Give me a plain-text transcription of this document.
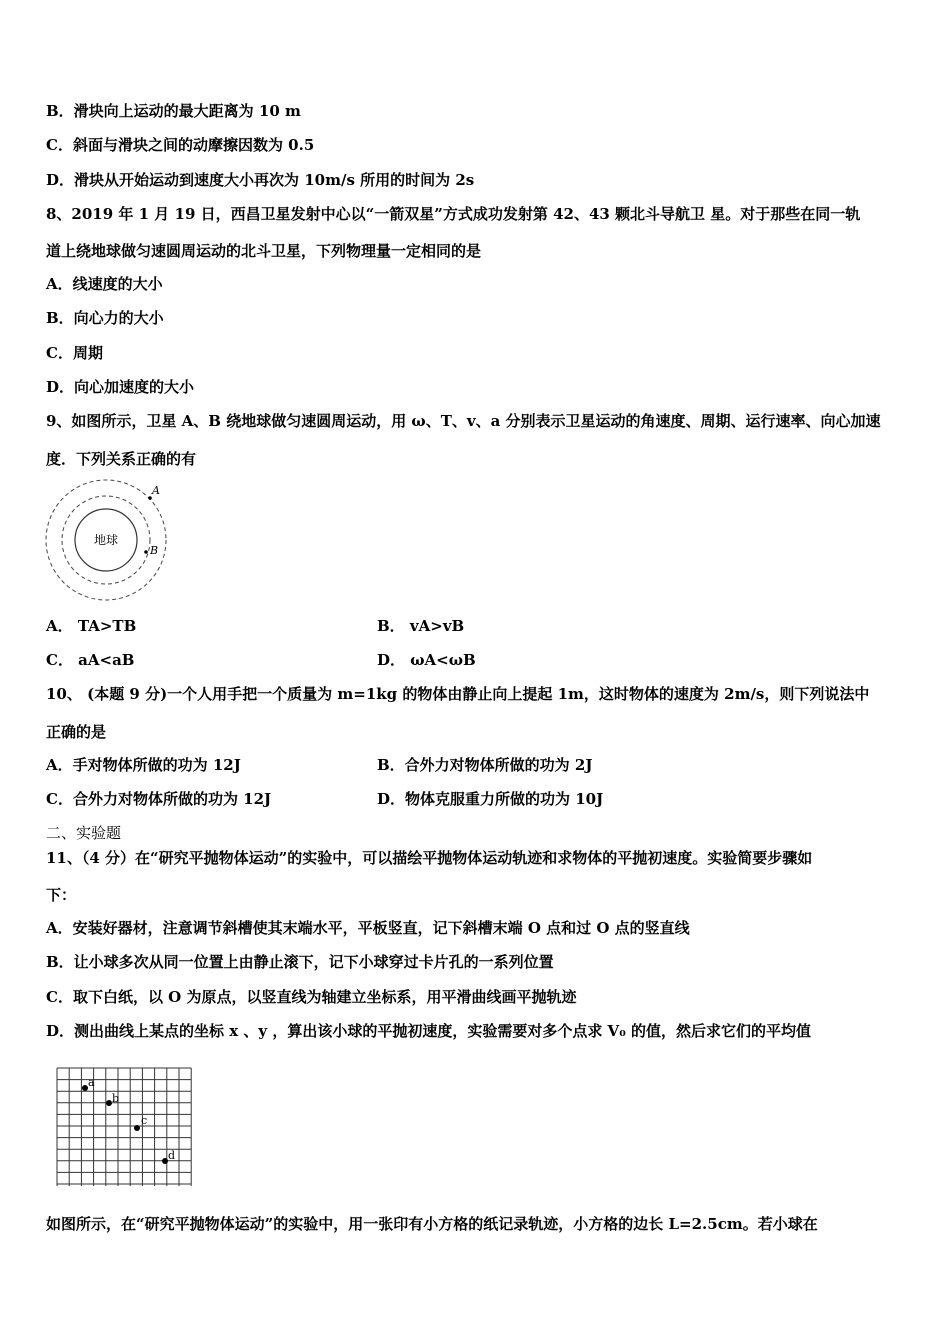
B．滑块向上运动的最大距离为 10 m
C．斜面与滑块之间的动摩擦因数为 0.5
D．滑块从开始运动到速度大小再次为 10m/s 所用的时间为 2s
8、2019 年 1 月 19 日，西昌卫星发射中心以“一箭双星”方式成功发射第 42、43 颗北斗导航卫 星。对于那些在同一轨
道上绕地球做匀速圆周运动的北斗卫星，下列物理量一定相同的是
A．线速度的大小
B．向心力的大小
C．周期
D．向心加速度的大小
9、如图所示，卫星 A、B 绕地球做匀速圆周运动，用 ω、T、v、a 分别表示卫星运动的角速度、周期、运行速率、向心加速
度．下列关系正确的有
地球
A
B
A． TA>TB	B． vA>vB
C． aA<aB	D． ωA<ωB
10、 (本题 9 分)一个人用手把一个质量为 m=1kg 的物体由静止向上提起 1m，这时物体的速度为 2m/s，则下列说法中
正确的是
A．手对物体所做的功为 12J	B．合外力对物体所做的功为 2J
C．合外力对物体所做的功为 12J	D．物体克服重力所做的功为 10J
二、实验题
11、（4 分）在“研究平抛物体运动”的实验中，可以描绘平抛物体运动轨迹和求物体的平抛初速度。实验简要步骤如
下：
A．安装好器材，注意调节斜槽使其末端水平，平板竖直，记下斜槽末端 O 点和过 O 点的竖直线
B．让小球多次从同一位置上由静止滚下，记下小球穿过卡片孔的一系列位置
C．取下白纸，以 O 为原点，以竖直线为轴建立坐标系，用平滑曲线画平抛轨迹
D．测出曲线上某点的坐标 x 、y ，算出该小球的平抛初速度，实验需要对多个点求 V₀ 的值，然后求它们的平均值
a
b
c
d
如图所示，在“研究平抛物体运动”的实验中，用一张印有小方格的纸记录轨迹，小方格的边长 L=2.5cm。若小球在
